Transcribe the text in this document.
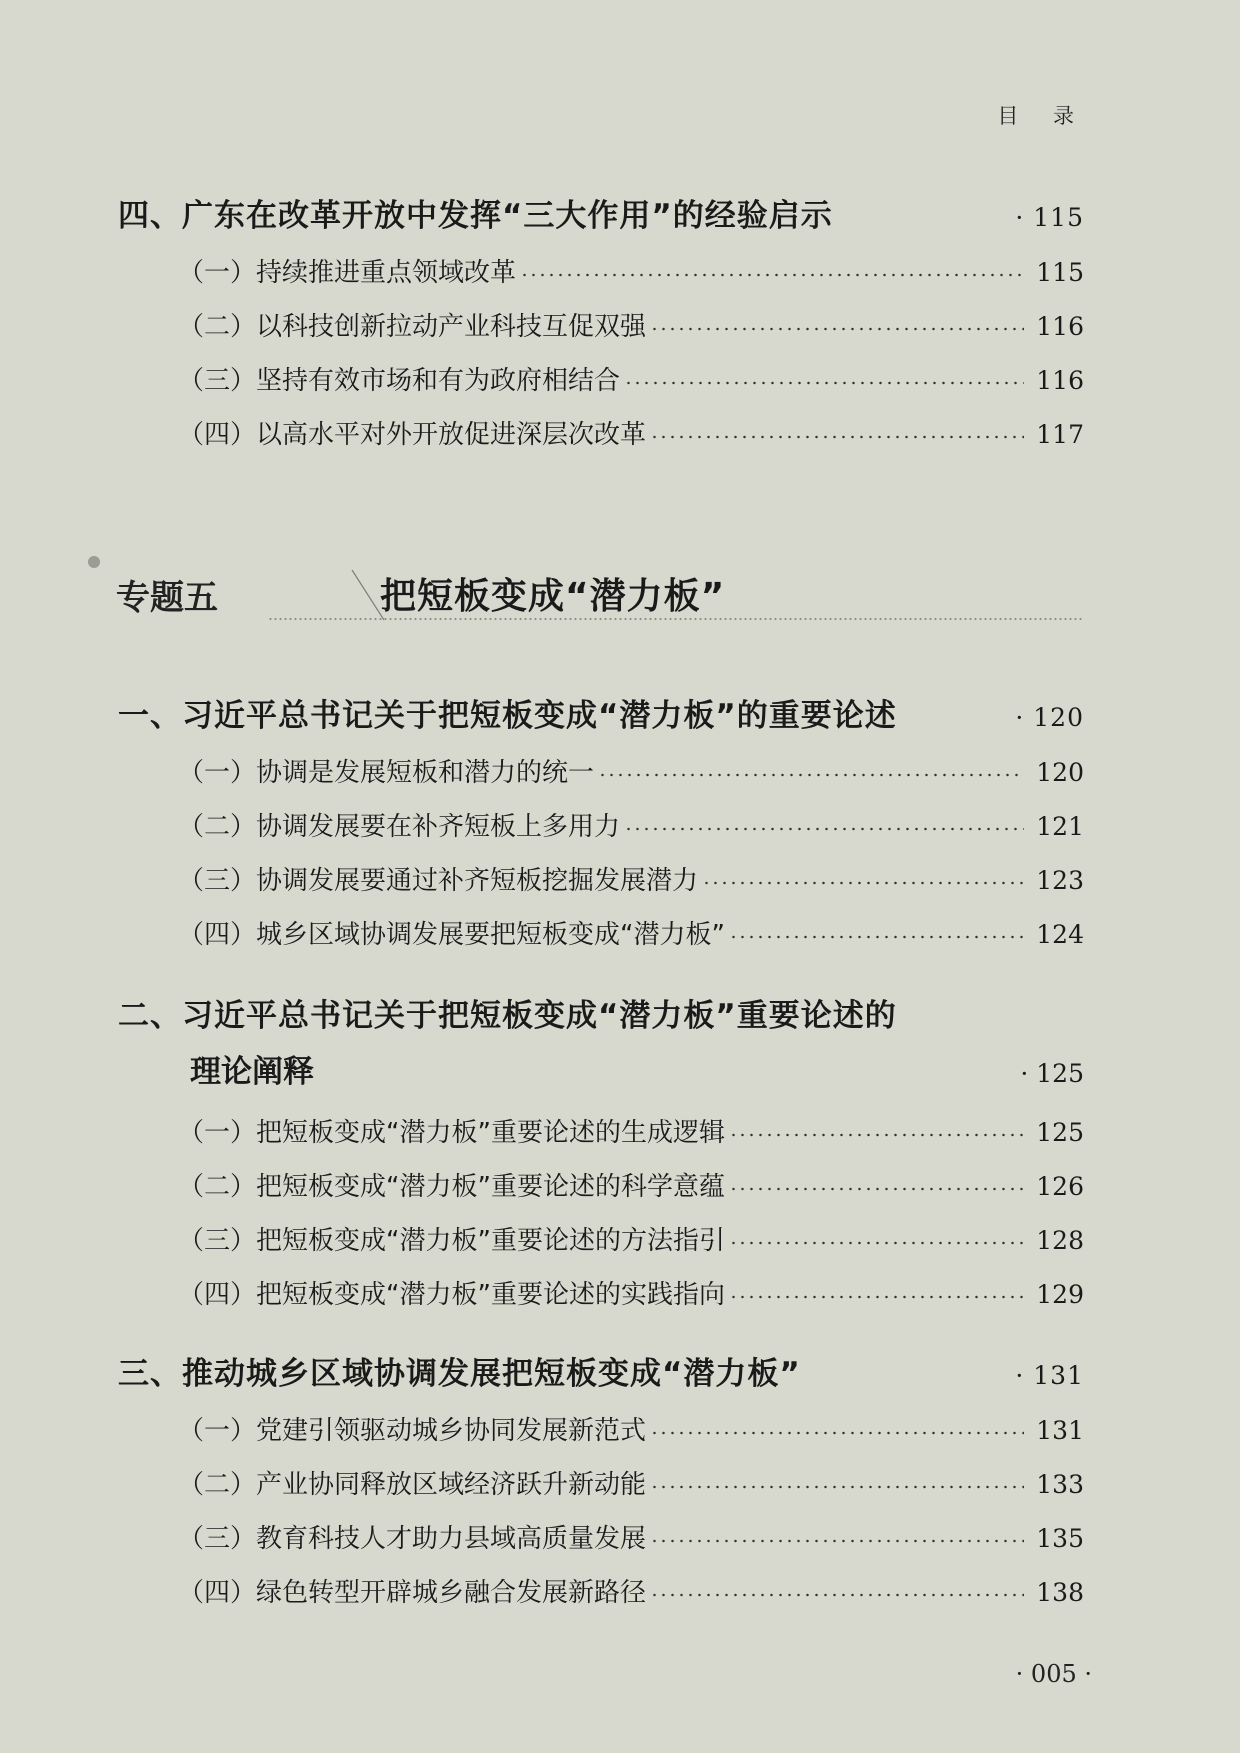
目 录
四、广东在改革开放中发挥“三大作用”的经验启示	· 115
（一）持续推进重点领域改革	115
（二）以科技创新拉动产业科技互促双强	116
（三）坚持有效市场和有为政府相结合	116
（四）以高水平对外开放促进深层次改革	117
专题五	把短板变成“潜力板”
一、习近平总书记关于把短板变成“潜力板”的重要论述	· 120
（一）协调是发展短板和潜力的统一	120
（二）协调发展要在补齐短板上多用力	121
（三）协调发展要通过补齐短板挖掘发展潜力	123
（四）城乡区域协调发展要把短板变成“潜力板”	124
二、习近平总书记关于把短板变成“潜力板”重要论述的
理论阐释	· 125
（一）把短板变成“潜力板”重要论述的生成逻辑	125
（二）把短板变成“潜力板”重要论述的科学意蕴	126
（三）把短板变成“潜力板”重要论述的方法指引	128
（四）把短板变成“潜力板”重要论述的实践指向	129
三、推动城乡区域协调发展把短板变成“潜力板”	· 131
（一）党建引领驱动城乡协同发展新范式	131
（二）产业协同释放区域经济跃升新动能	133
（三）教育科技人才助力县域高质量发展	135
（四）绿色转型开辟城乡融合发展新路径	138
· 005 ·
